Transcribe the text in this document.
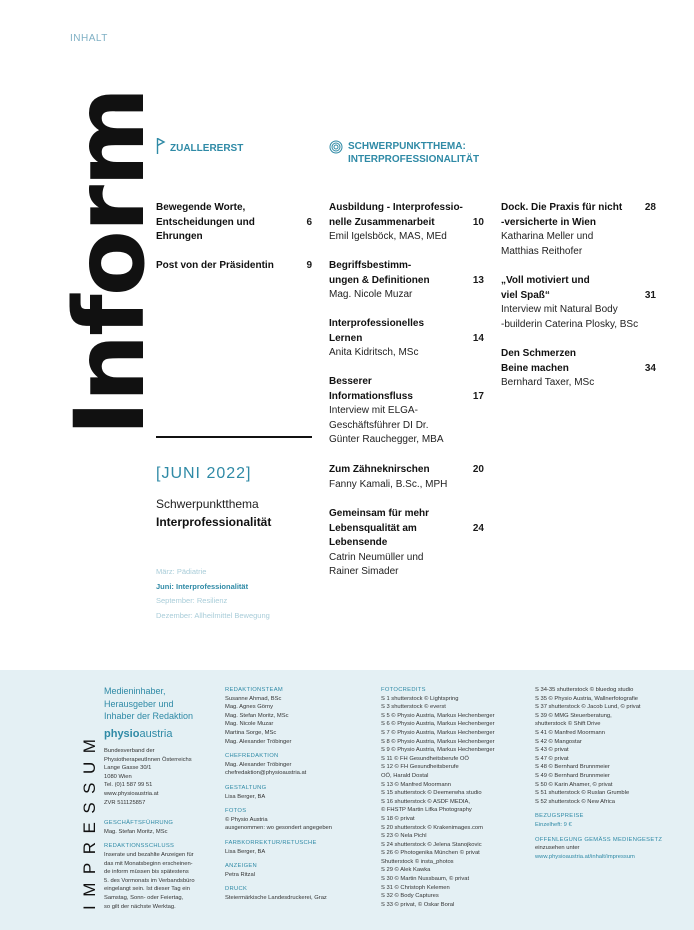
INHALT
Inform ZUALLERERST	SCHWERPUNKTTHEMA:
INTERPROFESSIONALITÄT
Bewegende Worte,
Entscheidungen und
Ehrungen
6
Post von der Präsidentin	9
Ausbildung - Interprofessio-
nelle Zusammenarbeit
Emil Igelsböck, MAS, MEd
10
Begriffsbestimm-
ungen & Definitionen
Mag. Nicole Muzar
13
Interprofessionelles
Lernen
Anita Kidritsch, MSc
14
Besserer
Informationsfluss
Interview mit ELGA-
Geschäftsführer DI Dr.
Günter Rauchegger, MBA
17
Zum Zähneknirschen
Fanny Kamali, B.Sc., MPH
20
Gemeinsam für mehr
Lebensqualität am
Lebensende
Catrin Neumüller und
Rainer Simader
24
Dock. Die Praxis für nicht
-versicherte in Wien
Katharina Meller und
Matthias Reithofer
28
„Voll motiviert und
viel Spaß“
Interview mit Natural Body
-builderin Caterina Plosky, BSc
31
Den Schmerzen
Beine machen
Bernhard Taxer, MSc
34
[JUNI 2022]
Schwerpunktthema
Interprofessionalität
März: Pädiatrie
Juni: Interprofessionalität
September: Resilienz
Dezember: Allheilmittel Bewegung
IMPRESSUM
Medieninhaber,
Herausgeber und
Inhaber der Redaktion
physioaustria
Bundesverband der
PhysiotherapeutInnen Österreichs
Lange Gasse 30/1
1080 Wien
Tel. (0)1 587 99 51
www.physioaustria.at
ZVR 511125857
GESCHÄFTSFÜHRUNG
Mag. Stefan Moritz, MSc
REDAKTIONSSCHLUSS
Inserate und bezahlte Anzeigen für
das mit Monatsbeginn erscheinen-
de inform müssen bis spätestens
5. des Vormonats im Verbandsbüro
eingelangt sein. Ist dieser Tag ein
Samstag, Sonn- oder Feiertag,
so gilt der nächste Werktag.
REDAKTIONSTEAM
Susanne Ahmad, BSc
Mag. Agnes Görny
Mag. Stefan Moritz, MSc
Mag. Nicole Muzar
Martina Sorge, MSc
Mag. Alexander Tröbinger
CHEFREDAKTION
Mag. Alexander Tröbinger
chefredaktion@physioaustria.at
GESTALTUNG
Lisa Berger, BA
FOTOS
© Physio Austria
ausgenommen: wo gesondert angegeben
FARBKORREKTUR/RETUSCHE
Lisa Berger, BA
ANZEIGEN
Petra Ritzal
DRUCK
Steiermärkische Landesdruckerei, Graz
FOTOCREDITS
S 1 shutterstock © Lightspring
S 3 shutterstock © everst
S 5 © Physio Austria, Markus Hechenberger
S 6 © Physio Austria, Markus Hechenberger
S 7 © Physio Austria, Markus Hechenberger
S 8 © Physio Austria, Markus Hechenberger
S 9 © Physio Austria, Markus Hechenberger
S 11 © FH Gesundheitsberufe OÖ
S 12 © FH Gesundheitsberufe
OÖ, Harald Dostal
S 13 © Manfred Moormann
S 15 shutterstock © Deemerwha studio
S 16 shutterstock © ASDF MEDIA,
© FHSTP Martin Lifka Photography
S 18 © privat
S 20 shutterstock © Krakenimages.com
S 23 © Nela Pichl
S 24 shutterstock © Jelena Stanojkovic
S 26 © Photogenika München © privat
Shutterstock © insta_photos
S 29 © Alek Kawka
S 30 © Martin Nussbaum, © privat
S 31 © Christoph Kelemen
S 32 © Body Captures
S 33 © privat, © Oskar Boral
S 34-35 shutterstock © bluedog studio
S 35 © Physio Austria, Wallnerfotografie
S 37 shutterstock © Jacob Lund, © privat
S 39 © MMG Steuerberatung,
shutterstock © Shift Drive
S 41 © Manfred Moormann
S 42 © Mangostar
S 43 © privat
S 47 © privat
S 48 © Bernhard Brunnmeier
S 49 © Bernhard Brunnmeier
S 50 © Karin Ahamer, © privat
S 51 shutterstock © Ruslan Grumble
S 52 shutterstock © New Africa
BEZUGSPREISE
Einzelheft: 9 €
OFFENLEGUNG GEMÄSS MEDIENGESETZ
einzusehen unter
www.physioaustria.at/inhalt/impressum
